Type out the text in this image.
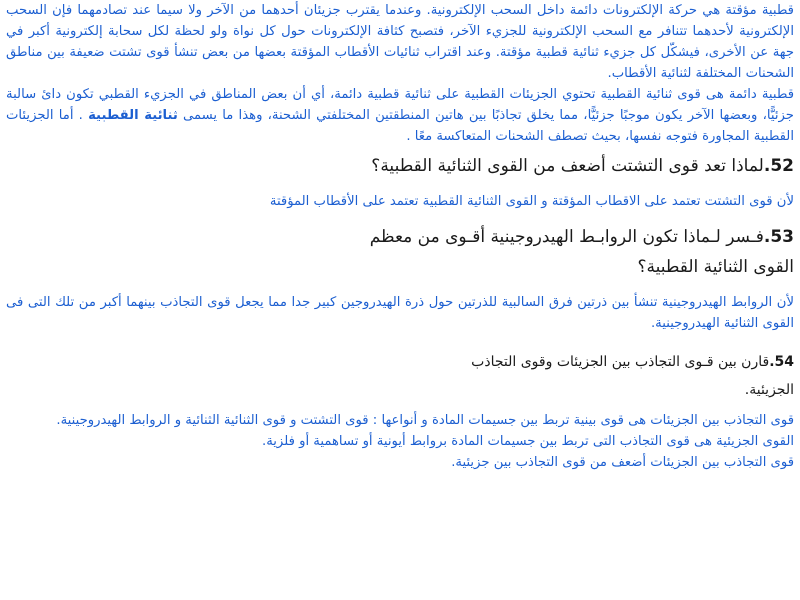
قطبية مؤقتة هي حركة الإلكترونات دائمة داخل السحب الإلكترونية. وعندما يقترب جزيئان أحدهما من الآخر ولا سيما عند تصادمهما فإن السحب الإلكترونية لأحدهما تتنافر مع السحب الإلكترونية للجزيء الآخر، فتصبح كثافة الإلكترونات حول كل نواة ولو لحظة لكل سحابة إلكترونية أكبر في جهة عن الأخرى، فيشكّل كل جزيء ثنائية قطبية مؤقتة. وعند اقتراب ثنائيات الأقطاب المؤقتة بعضها من بعض تنشأ قوى تشتت ضعيفة بين مناطق الشحنات المختلفة لثنائية الأقطاب.

قطبية دائمة هى قوى ثنائية القطبية تحتوي الجزيئات القطبية على ثنائية قطبية دائمة، أي أن بعض المناطق في الجزيء القطبي تكون دائ سالبة جزئيًّا، وبعضها الآخر يكون موجبًا جزئيًّا، مما يخلق تجاذبًا بين هاتين المنطقتين المختلفتي الشحنة، وهذا ما يسمى ثنائية القطبية . أما الجزيئات القطبية المجاورة فتوجه نفسها، بحيث تصطف الشحنات المتعاكسة معًا .

52.لماذا تعد قوى التشتت أضعف من القوى الثنائية القطبية؟

لأن قوى التشتت تعتمد على الاقطاب المؤقتة و القوى الثنائية القطبية تعتمد على الأقطاب المؤقتة

53.فـسر لـماذا تكون الروابـط الهيدروجينية أقـوى من معظم
القوى الثنائية القطبية؟

لأن الروابط الهيدروجينية تنشأ بين ذرتين فرق السالبية للذرتين حول ذرة الهيدروجين كبير جدا مما يجعل قوى التجاذب بينهما أكبر من تلك التى فى القوى الثنائية الهيدروجينية.

54.قارن بين قـوى التجاذب بين الجزيئات وقوى التجاذب
الجزيئية.

قوى التجاذب بين الجزيئات هى قوى بينية تربط بين جسيمات المادة و أنواعها : قوى التشتت و قوى الثنائية الثنائية و الروابط الهيدروجينية.

القوى الجزيئية هى قوى التجاذب التى تربط بين جسيمات المادة بروابط أيونية أو تساهمية أو فلزية.

قوى التجاذب بين الجزيئات أضعف من قوى التجاذب بين جزيئية.
